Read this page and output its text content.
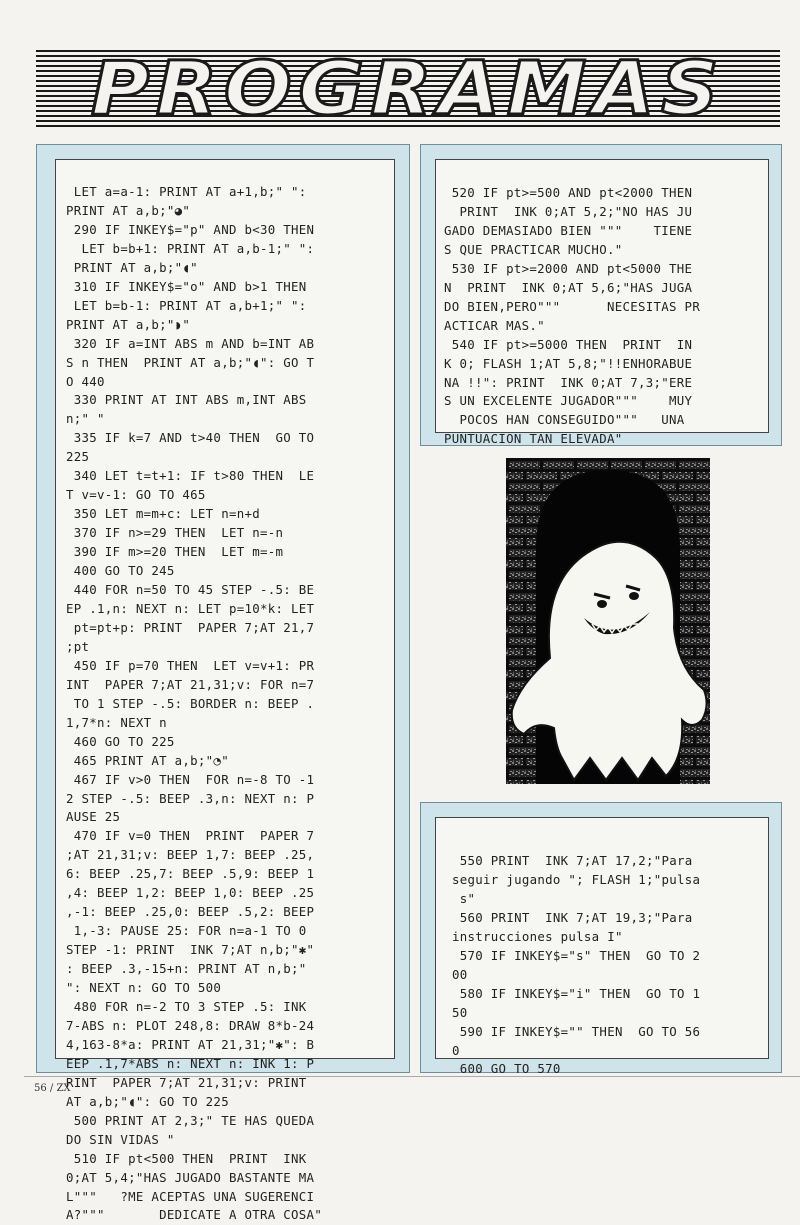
PROGRAMAS
LET a=a-1: PRINT AT a+1,b;" ":
PRINT AT a,b;"◕"
290 IF INKEY$="p" AND b<30 THEN
LET b=b+1: PRINT AT a,b-1;" ":
PRINT AT a,b;"◖"
310 IF INKEY$="o" AND b>1 THEN
LET b=b-1: PRINT AT a,b+1;" ":
PRINT AT a,b;"◗"
320 IF a=INT ABS m AND b=INT AB
S n THEN  PRINT AT a,b;"◖": GO T
O 440
330 PRINT AT INT ABS m,INT ABS
n;" "
335 IF k=7 AND t>40 THEN  GO TO
225
340 LET t=t+1: IF t>80 THEN  LE
T v=v-1: GO TO 465
350 LET m=m+c: LET n=n+d
370 IF n>=29 THEN  LET n=-n
390 IF m>=20 THEN  LET m=-m
400 GO TO 245
440 FOR n=50 TO 45 STEP -.5: BE
EP .1,n: NEXT n: LET p=10*k: LET
pt=pt+p: PRINT  PAPER 7;AT 21,7
;pt
450 IF p=70 THEN  LET v=v+1: PR
INT  PAPER 7;AT 21,31;v: FOR n=7
TO 1 STEP -.5: BORDER n: BEEP .
1,7*n: NEXT n
460 GO TO 225
465 PRINT AT a,b;"◔"
467 IF v>0 THEN  FOR n=-8 TO -1
2 STEP -.5: BEEP .3,n: NEXT n: P
AUSE 25
470 IF v=0 THEN  PRINT  PAPER 7
;AT 21,31;v: BEEP 1,7: BEEP .25,
6: BEEP .25,7: BEEP .5,9: BEEP 1
,4: BEEP 1,2: BEEP 1,0: BEEP .25
,-1: BEEP .25,0: BEEP .5,2: BEEP
1,-3: PAUSE 25: FOR n=a-1 TO 0
STEP -1: PRINT  INK 7;AT n,b;"✱"
: BEEP .3,-15+n: PRINT AT n,b;"
": NEXT n: GO TO 500
480 FOR n=-2 TO 3 STEP .5: INK
7-ABS n: PLOT 248,8: DRAW 8*b-24
4,163-8*a: PRINT AT 21,31;"✱": B
EEP .1,7*ABS n: NEXT n: INK 1: P
RINT  PAPER 7;AT 21,31;v: PRINT
AT a,b;"◖": GO TO 225
500 PRINT AT 2,3;" TE HAS QUEDA
DO SIN VIDAS "
510 IF pt<500 THEN  PRINT  INK
0;AT 5,4;"HAS JUGADO BASTANTE MA
L"""   ?ME ACEPTAS UNA SUGERENCI
A?"""       DEDICATE A OTRA COSA"
520 IF pt>=500 AND pt<2000 THEN
PRINT  INK 0;AT 5,2;"NO HAS JU
GADO DEMASIADO BIEN """    TIENE
S QUE PRACTICAR MUCHO."
530 IF pt>=2000 AND pt<5000 THE
N  PRINT  INK 0;AT 5,6;"HAS JUGA
DO BIEN,PERO"""      NECESITAS PR
ACTICAR MAS."
540 IF pt>=5000 THEN  PRINT  IN
K 0; FLASH 1;AT 5,8;"!!ENHORABUE
NA !!": PRINT  INK 0;AT 7,3;"ERE
S UN EXCELENTE JUGADOR"""    MUY
POCOS HAN CONSEGUIDO"""   UNA
PUNTUACION TAN ELEVADA"
550 PRINT  INK 7;AT 17,2;"Para
seguir jugando "; FLASH 1;"pulsa
s"
560 PRINT  INK 7;AT 19,3;"Para
instrucciones pulsa I"
570 IF INKEY$="s" THEN  GO TO 2
00
580 IF INKEY$="i" THEN  GO TO 1
50
590 IF INKEY$="" THEN  GO TO 56
0
600 GO TO 570
56 / ZX
